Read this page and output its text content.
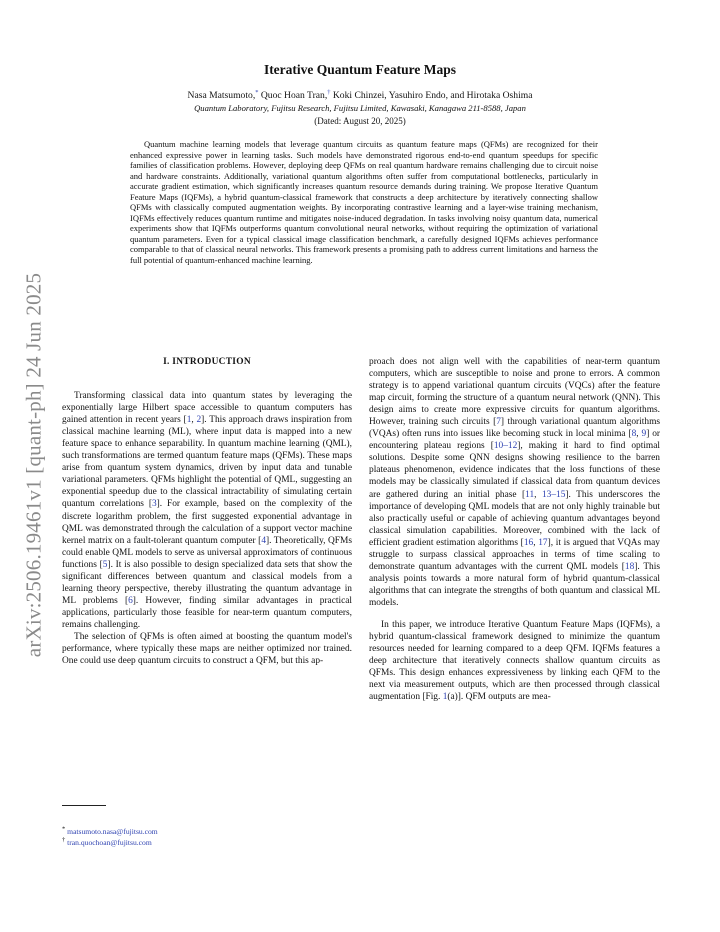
arXiv:2506.19461v1 [quant-ph] 24 Jun 2025
Iterative Quantum Feature Maps
Nasa Matsumoto,* Quoc Hoan Tran,† Koki Chinzei, Yasuhiro Endo, and Hirotaka Oshima
Quantum Laboratory, Fujitsu Research, Fujitsu Limited, Kawasaki, Kanagawa 211-8588, Japan
(Dated: August 20, 2025)

Quantum machine learning models that leverage quantum circuits as quantum feature maps (QFMs) are recognized for their enhanced expressive power in learning tasks. Such models have demonstrated rigorous end-to-end quantum speedups for specific families of classification problems. However, deploying deep QFMs on real quantum hardware remains challenging due to circuit noise and hardware constraints. Additionally, variational quantum algorithms often suffer from computational bottlenecks, particularly in accurate gradient estimation, which significantly increases quantum resource demands during training. We propose Iterative Quantum Feature Maps (IQFMs), a hybrid quantum-classical framework that constructs a deep architecture by iteratively connecting shallow QFMs with classically computed augmentation weights. By incorporating contrastive learning and a layer-wise training mechanism, IQFMs effectively reduces quantum runtime and mitigates noise-induced degradation. In tasks involving noisy quantum data, numerical experiments show that IQFMs outperforms quantum convolutional neural networks, without requiring the optimization of variational quantum parameters. Even for a typical classical image classification benchmark, a carefully designed IQFMs achieves performance comparable to that of classical neural networks. This framework presents a promising path to address current limitations and harness the full potential of quantum-enhanced machine learning.

I. INTRODUCTION

Transforming classical data into quantum states by leveraging the exponentially large Hilbert space accessible to quantum computers has gained attention in recent years [1, 2]. This approach draws inspiration from classical machine learning (ML), where input data is mapped into a new feature space to enhance separability. In quantum machine learning (QML), such transformations are termed quantum feature maps (QFMs). These maps arise from quantum system dynamics, driven by input data and tunable variational parameters. QFMs highlight the potential of QML, suggesting an exponential speedup due to the classical intractability of simulating certain quantum correlations [3]. For example, based on the complexity of the discrete logarithm problem, the first suggested exponential advantage in QML was demonstrated through the calculation of a support vector machine kernel matrix on a fault-tolerant quantum computer [4]. Theoretically, QFMs could enable QML models to serve as universal approximators of continuous functions [5]. It is also possible to design specialized data sets that show the significant differences between quantum and classical models from a learning theory perspective, thereby illustrating the quantum advantage in ML problems [6]. However, finding similar advantages in practical applications, particularly those feasible for near-term quantum computers, remains challenging.

The selection of QFMs is often aimed at boosting the quantum model's performance, where typically these maps are neither optimized nor trained. One could use deep quantum circuits to construct a QFM, but this ap-

proach does not align well with the capabilities of near-term quantum computers, which are susceptible to noise and prone to errors. A common strategy is to append variational quantum circuits (VQCs) after the feature map circuit, forming the structure of a quantum neural network (QNN). This design aims to create more expressive circuits for quantum algorithms. However, training such circuits [7] through variational quantum algorithms (VQAs) often runs into issues like becoming stuck in local minima [8, 9] or encountering plateau regions [10–12], making it hard to find optimal solutions. Despite some QNN designs showing resilience to the barren plateaus phenomenon, evidence indicates that the loss functions of these models may be classically simulated if classical data from quantum devices are gathered during an initial phase [11, 13–15]. This underscores the importance of developing QML models that are not only highly trainable but also practically useful or capable of achieving quantum advantages beyond classical simulation capabilities. Moreover, combined with the lack of efficient gradient estimation algorithms [16, 17], it is argued that VQAs may struggle to surpass classical approaches in terms of time scaling to demonstrate quantum advantages with the current QML models [18]. This analysis points towards a more natural form of hybrid quantum-classical algorithms that can integrate the strengths of both quantum and classical ML models.

In this paper, we introduce Iterative Quantum Feature Maps (IQFMs), a hybrid quantum-classical framework designed to minimize the quantum resources needed for learning compared to a deep QFM. IQFMs features a deep architecture that iteratively connects shallow quantum circuits as QFMs. This design enhances expressiveness by linking each QFM to the next via measurement outputs, which are then processed through classical augmentation [Fig. 1(a)]. QFM outputs are mea-

* matsumoto.nasa@fujitsu.com
† tran.quochoan@fujitsu.com
